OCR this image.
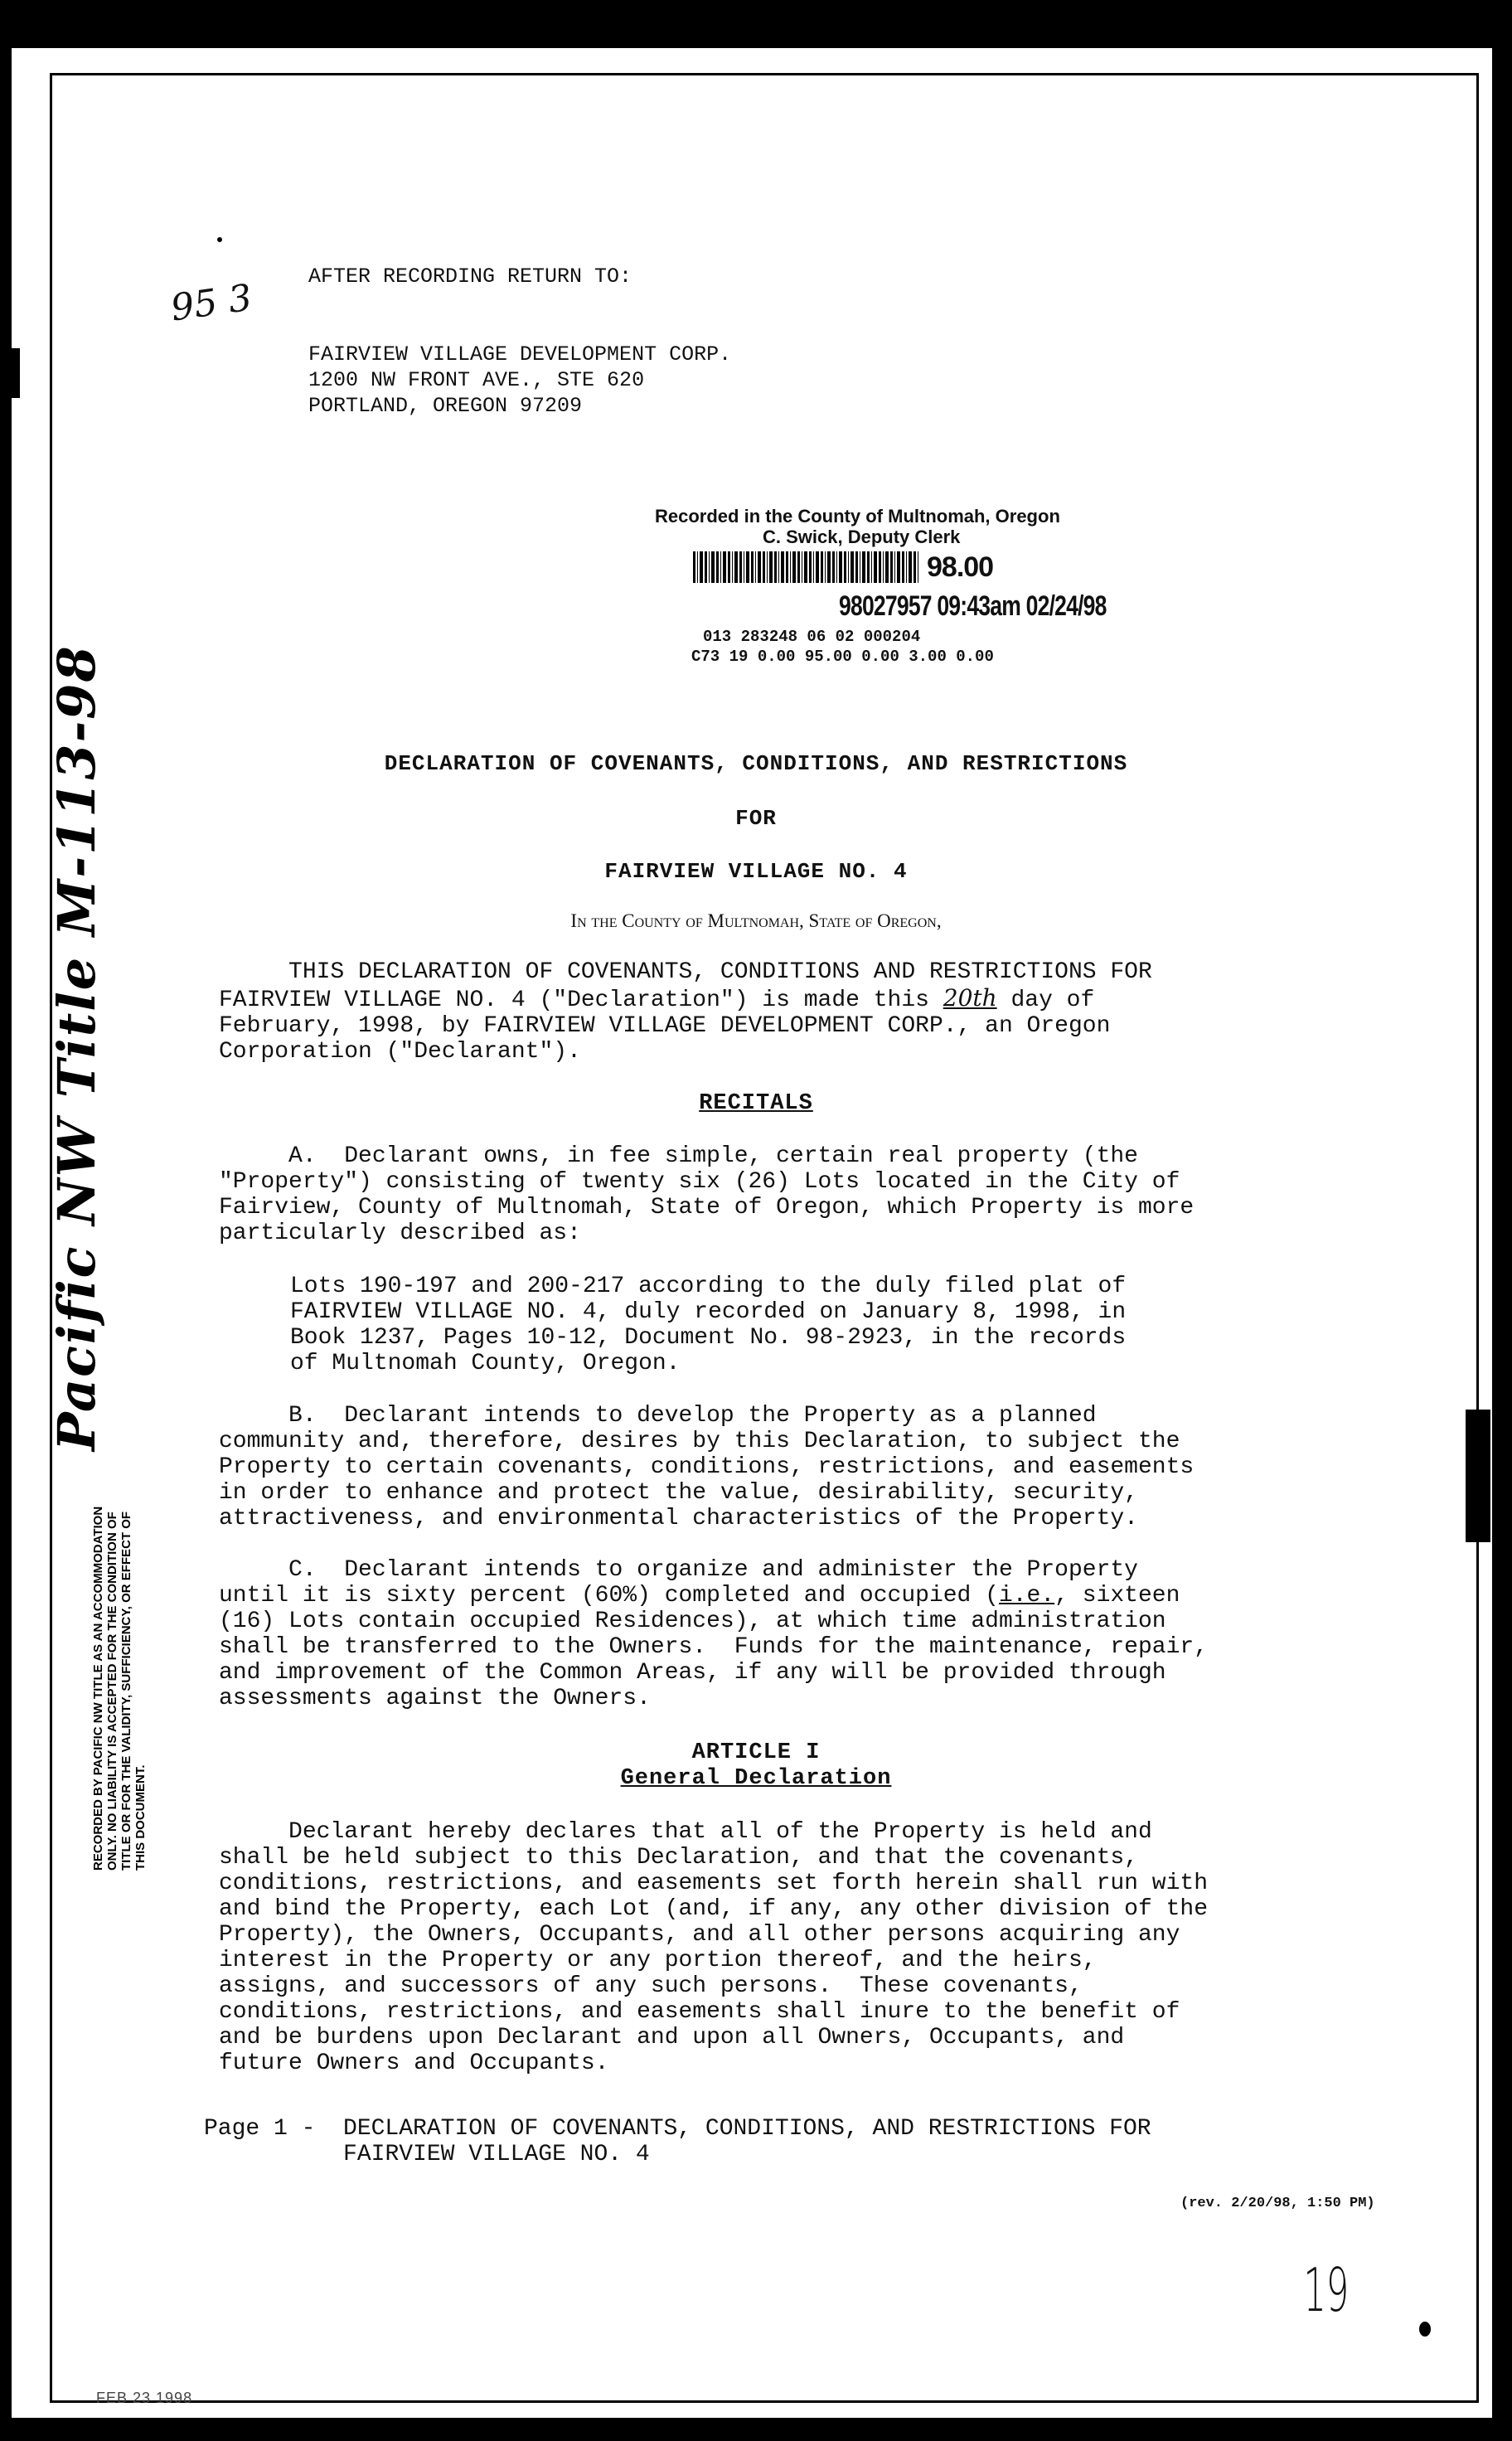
95 3	AFTER RECORDING RETURN TO:
FAIRVIEW VILLAGE DEVELOPMENT CORP.
1200 NW FRONT AVE., STE 620
PORTLAND, OREGON 97209
Recorded in the County of Multnomah, Oregon
C. Swick, Deputy Clerk
98.00
98027957 09:43am 02/24/98
013 283248 06 02 000204
C73 19 0.00 95.00 0.00 3.00 0.00
DECLARATION OF COVENANTS, CONDITIONS, AND RESTRICTIONS
FOR
FAIRVIEW VILLAGE NO. 4
In the County of Multnomah, State of Oregon,
THIS DECLARATION OF COVENANTS, CONDITIONS AND RESTRICTIONS FOR
FAIRVIEW VILLAGE NO. 4 ("Declaration") is made this 20th day of
February, 1998, by FAIRVIEW VILLAGE DEVELOPMENT CORP., an Oregon
Corporation ("Declarant").
RECITALS
A.  Declarant owns, in fee simple, certain real property (the
"Property") consisting of twenty six (26) Lots located in the City of
Fairview, County of Multnomah, State of Oregon, which Property is more
particularly described as:
Lots 190-197 and 200-217 according to the duly filed plat of
FAIRVIEW VILLAGE NO. 4, duly recorded on January 8, 1998, in
Book 1237, Pages 10-12, Document No. 98-2923, in the records
of Multnomah County, Oregon.
B.  Declarant intends to develop the Property as a planned
community and, therefore, desires by this Declaration, to subject the
Property to certain covenants, conditions, restrictions, and easements
in order to enhance and protect the value, desirability, security,
attractiveness, and environmental characteristics of the Property.
C.  Declarant intends to organize and administer the Property
until it is sixty percent (60%) completed and occupied (i.e., sixteen
(16) Lots contain occupied Residences), at which time administration
shall be transferred to the Owners.  Funds for the maintenance, repair,
and improvement of the Common Areas, if any will be provided through
assessments against the Owners.
ARTICLE I
General Declaration
Declarant hereby declares that all of the Property is held and
shall be held subject to this Declaration, and that the covenants,
conditions, restrictions, and easements set forth herein shall run with
and bind the Property, each Lot (and, if any, any other division of the
Property), the Owners, Occupants, and all other persons acquiring any
interest in the Property or any portion thereof, and the heirs,
assigns, and successors of any such persons.  These covenants,
conditions, restrictions, and easements shall inure to the benefit of
and be burdens upon Declarant and upon all Owners, Occupants, and
future Owners and Occupants.
Page 1 -  DECLARATION OF COVENANTS, CONDITIONS, AND RESTRICTIONS FOR
FAIRVIEW VILLAGE NO. 4
(rev. 2/20/98, 1:50 PM)
19
Pacific NW Title M-113-98
RECORDED BY PACIFIC NW TITLE AS AN ACCOMMODATION ONLY. NO LIABILITY IS ACCEPTED FOR THE CONDITION OF TITLE OR FOR THE VALIDITY, SUFFICIENCY, OR EFFECT OF THIS DOCUMENT.
FEB 23 1998
